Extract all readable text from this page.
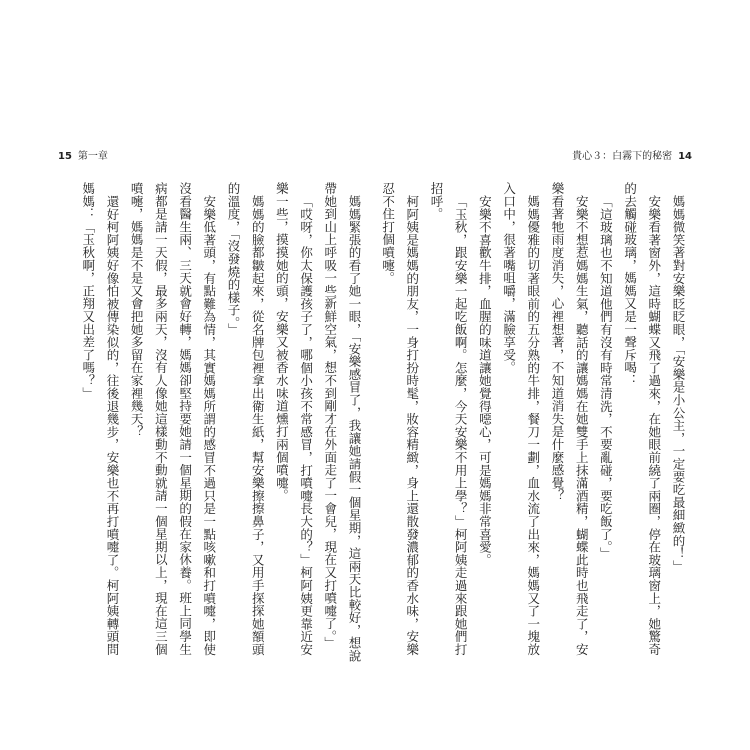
15 第一章	貴心３：白霧下的秘密 14

媽媽緊張的看了她一眼，「安樂感冒了，我讓她請假一個星期，這兩天比較好，想說帶她到山上呼吸一些新鮮空氣，想不到剛才在外面走了一會兒，現在又打噴嚏了。」

「哎呀，你太保護孩子了，哪個小孩不常感冒，打噴嚏長大的？」柯阿姨更靠近安樂一些，摸摸她的頭，安樂又被香水味道燻打兩個噴嚏。

媽媽的臉都皺起來，從名牌包裡拿出衛生紙，幫安樂擦擦鼻子，又用手探探她額頭的溫度，「沒發燒的樣子。」

安樂低著頭，有點難為情，其實媽媽所謂的感冒不過只是一點咳嗽和打噴嚏，即使沒看醫生兩、三天就會好轉，媽媽卻堅持要她請一個星期的假在家休養。班上同學生病都是請一天假，最多兩天，沒有人像她這樣動不動就請一個星期以上，現在這三個噴嚏，媽媽是不是又會把她多留在家裡幾天？

還好柯阿姨好像怕被傳染似的，往後退幾步，安樂也不再打噴嚏了。柯阿姨轉頭問媽媽：「玉秋啊，正翔又出差了嗎？」	媽媽微笑著對安樂眨眨眼，「安樂是小公主，一定要吃最細緻的！」

安樂看著窗外，這時蝴蝶又飛了過來，在她眼前繞了兩圈，停在玻璃窗上，她驚奇的去觸碰玻璃，媽媽又是一聲斥喝：

「這玻璃也不知道他們有沒有時常清洗，不要亂碰，要吃飯了。」

安樂不想惹媽媽生氣，聽話的讓媽媽在她雙手上抹滿酒精，蝴蝶此時也飛走了，安樂看著牠雨度消失，心裡想著，不知道消失是什麼感覺？

媽媽優雅的切著眼前的五分熟的牛排，餐刀一劃，血水流了出來，媽媽又了一塊放入口中，很著嘴咀嚼，滿臉享受。

安樂不喜歡牛排，血腥的味道讓她覺得噁心，可是媽媽非常喜愛。

「玉秋，跟安樂一起吃飯啊。怎麼，今天安樂不用上學？」柯阿姨走過來跟她們打招呼。

柯阿姨是媽媽的朋友，一身打扮時髦，妝容精緻，身上還散發濃郁的香水味，安樂忍不住打個噴嚏。
